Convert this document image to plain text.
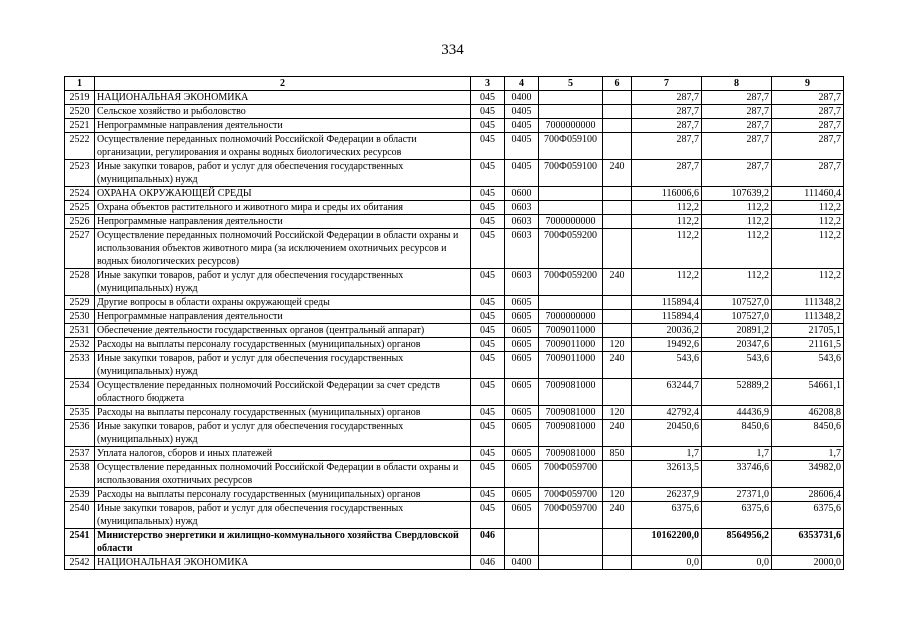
334
1	2	3	4	5	6	7	8	9
2519	НАЦИОНАЛЬНАЯ ЭКОНОМИКА	045	0400			287,7	287,7	287,7
2520	Сельское хозяйство и рыболовство	045	0405			287,7	287,7	287,7
2521	Непрограммные направления деятельности	045	0405	7000000000		287,7	287,7	287,7
2522	Осуществление переданных полномочий Российской Федерации в области организации, регулирования и охраны водных биологических ресурсов	045	0405	700Ф059100		287,7	287,7	287,7
2523	Иные закупки товаров, работ и услуг для обеспечения государственных (муниципальных) нужд	045	0405	700Ф059100	240	287,7	287,7	287,7
2524	ОХРАНА ОКРУЖАЮЩЕЙ СРЕДЫ	045	0600			116006,6	107639,2	111460,4
2525	Охрана объектов растительного и животного мира и среды их обитания	045	0603			112,2	112,2	112,2
2526	Непрограммные направления деятельности	045	0603	7000000000		112,2	112,2	112,2
2527	Осуществление переданных полномочий Российской Федерации в области охраны и использования объектов животного мира (за исключением охотничьих ресурсов и водных биологических ресурсов)	045	0603	700Ф059200		112,2	112,2	112,2
2528	Иные закупки товаров, работ и услуг для обеспечения государственных (муниципальных) нужд	045	0603	700Ф059200	240	112,2	112,2	112,2
2529	Другие вопросы в области охраны окружающей среды	045	0605			115894,4	107527,0	111348,2
2530	Непрограммные направления деятельности	045	0605	7000000000		115894,4	107527,0	111348,2
2531	Обеспечение деятельности государственных органов (центральный аппарат)	045	0605	7009011000		20036,2	20891,2	21705,1
2532	Расходы на выплаты персоналу государственных (муниципальных) органов	045	0605	7009011000	120	19492,6	20347,6	21161,5
2533	Иные закупки товаров, работ и услуг для обеспечения государственных (муниципальных) нужд	045	0605	7009011000	240	543,6	543,6	543,6
2534	Осуществление переданных полномочий Российской Федерации за счет средств областного бюджета	045	0605	7009081000		63244,7	52889,2	54661,1
2535	Расходы на выплаты персоналу государственных (муниципальных) органов	045	0605	7009081000	120	42792,4	44436,9	46208,8
2536	Иные закупки товаров, работ и услуг для обеспечения государственных (муниципальных) нужд	045	0605	7009081000	240	20450,6	8450,6	8450,6
2537	Уплата налогов, сборов и иных платежей	045	0605	7009081000	850	1,7	1,7	1,7
2538	Осуществление переданных полномочий Российской Федерации в области охраны и использования охотничьих ресурсов	045	0605	700Ф059700		32613,5	33746,6	34982,0
2539	Расходы на выплаты персоналу государственных (муниципальных) органов	045	0605	700Ф059700	120	26237,9	27371,0	28606,4
2540	Иные закупки товаров, работ и услуг для обеспечения государственных (муниципальных) нужд	045	0605	700Ф059700	240	6375,6	6375,6	6375,6
2541	Министерство энергетики и жилищно-коммунального хозяйства Свердловской области	046				10162200,0	8564956,2	6353731,6
2542	НАЦИОНАЛЬНАЯ ЭКОНОМИКА	046	0400			0,0	0,0	2000,0
